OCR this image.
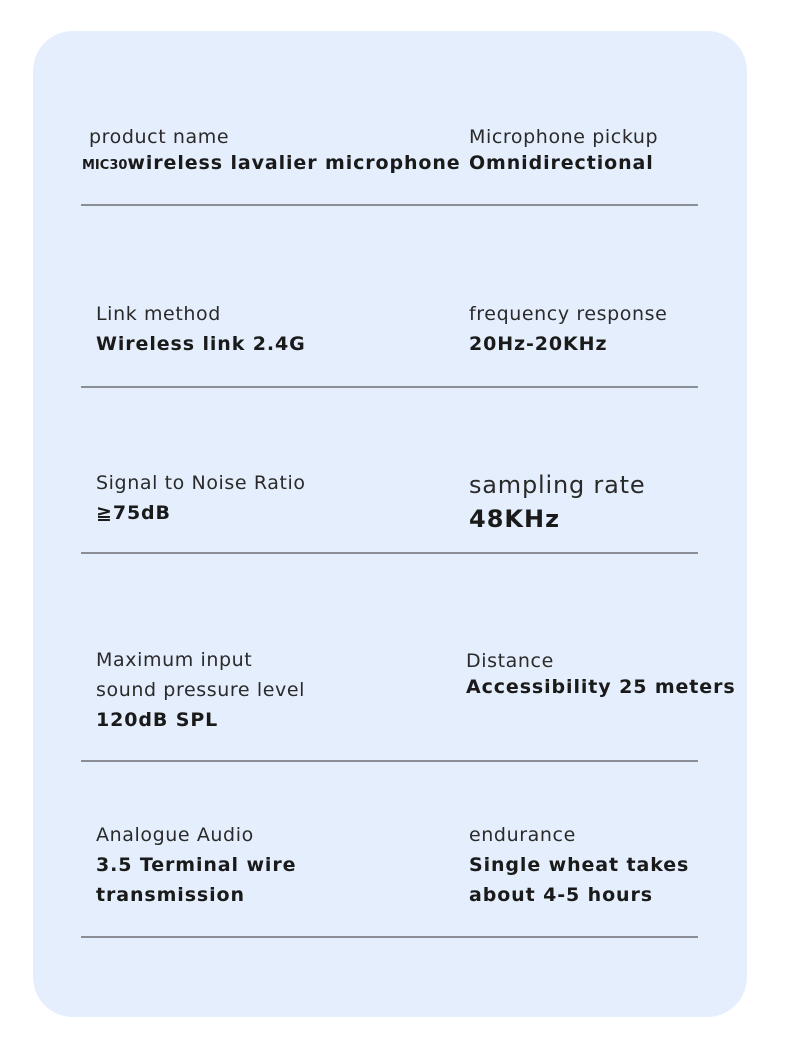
product name
MIC30wireless lavalier microphone
Microphone pickup
Omnidirectional
Link method
Wireless link 2.4G
frequency response
20Hz-20KHz
Signal to Noise Ratio
≧75dB
sampling rate
48KHz
Maximum input
sound pressure level
120dB SPL
Distance
Accessibility 25 meters
Analogue Audio
3.5 Terminal wire
transmission
endurance
Single wheat takes
about 4-5 hours
